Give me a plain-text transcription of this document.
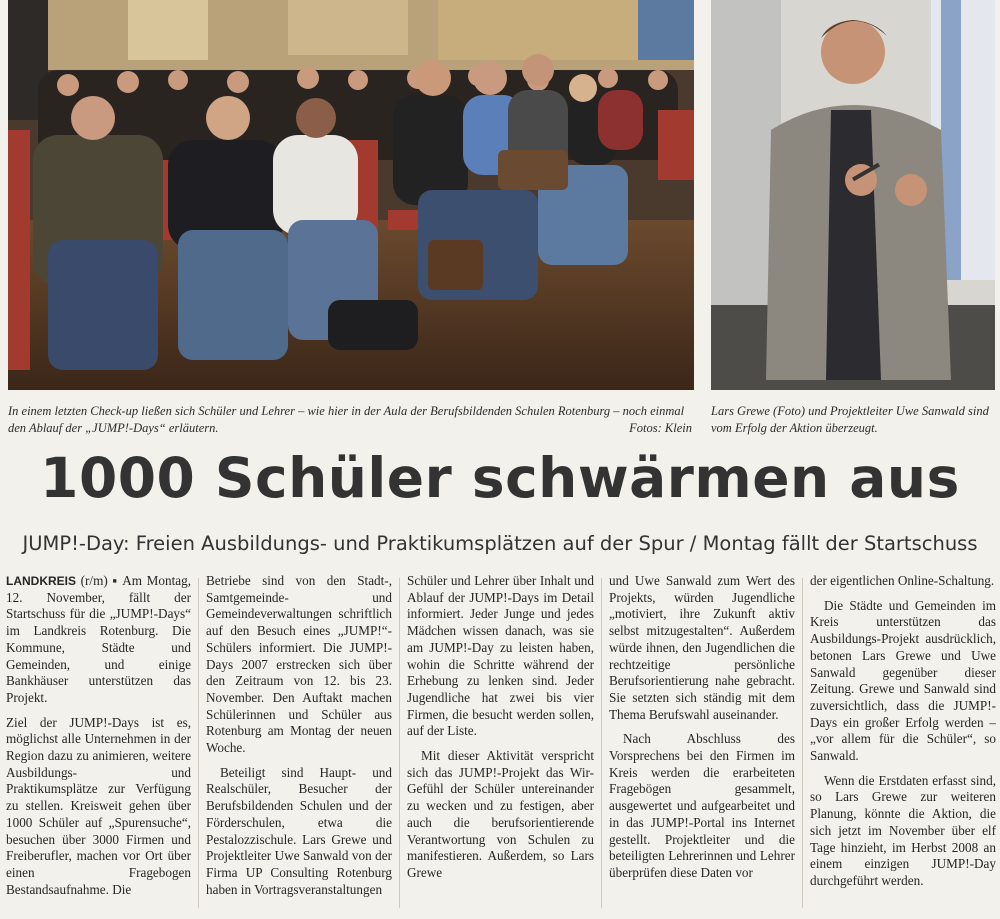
In einem letzten Check-up ließen sich Schüler und Lehrer – wie hier in der Aula der Berufsbildenden Schulen Rotenburg – noch einmal den Ablauf der „JUMP!-Days“ erläutern.	Fotos: Klein
Lars Grewe (Foto) und Projektleiter Uwe Sanwald sind vom Erfolg der Aktion überzeugt.
1000 Schüler schwärmen aus
JUMP!-Day: Freien Ausbildungs- und Praktikumsplätzen auf der Spur / Montag fällt der Startschuss

LANDKREIS (r/m) ▪ Am Montag, 12. November, fällt der Startschuss für die „JUMP!-Days“ im Landkreis Rotenburg. Die Kommune, Städte und Gemeinden, und einige Bankhäuser unterstützen das Projekt.

Ziel der JUMP!-Days ist es, möglichst alle Unternehmen in der Region dazu zu animieren, weitere Ausbildungs- und Praktikumsplätze zur Verfügung zu stellen. Kreisweit gehen über 1000 Schüler auf „Spurensuche“, besuchen über 3000 Firmen und Freiberufler, machen vor Ort über einen Fragebogen Bestandsaufnahme. Die

Betriebe sind von den Stadt-, Samtgemeinde- und Gemeindeverwaltungen schriftlich auf den Besuch eines „JUMP!“-Schülers informiert. Die JUMP!-Days 2007 erstrecken sich über den Zeitraum von 12. bis 23. November. Den Auftakt machen Schülerinnen und Schüler aus Rotenburg am Montag der neuen Woche.

Beteiligt sind Haupt- und Realschüler, Besucher der Berufsbildenden Schulen und der Förderschulen, etwa die Pestalozzischule. Lars Grewe und Projektleiter Uwe Sanwald von der Firma UP Consulting Rotenburg haben in Vortragsveranstaltungen

Schüler und Lehrer über Inhalt und Ablauf der JUMP!-Days im Detail informiert. Jeder Junge und jedes Mädchen wissen danach, was sie am JUMP!-Day zu leisten haben, wohin die Schritte während der Erhebung zu lenken sind. Jeder Jugendliche hat zwei bis vier Firmen, die besucht werden sollen, auf der Liste.

Mit dieser Aktivität verspricht sich das JUMP!-Projekt das Wir-Gefühl der Schüler untereinander zu wecken und zu festigen, aber auch die berufsorientierende Verantwortung von Schulen zu manifestieren. Außerdem, so Lars Grewe

und Uwe Sanwald zum Wert des Projekts, würden Jugendliche „motiviert, ihre Zukunft aktiv selbst mitzugestalten“. Außerdem würde ihnen, den Jugendlichen die rechtzeitige persönliche Berufsorientierung nahe gebracht. Sie setzten sich ständig mit dem Thema Berufswahl auseinander.

Nach Abschluss des Vorsprechens bei den Firmen im Kreis werden die erarbeiteten Fragebögen gesammelt, ausgewertet und aufgearbeitet und in das JUMP!-Portal ins Internet gestellt. Projektleiter und die beteiligten Lehrerinnen und Lehrer überprüfen diese Daten vor

der eigentlichen Online-Schaltung.

Die Städte und Gemeinden im Kreis unterstützen das Ausbildungs-Projekt ausdrücklich, betonen Lars Grewe und Uwe Sanwald gegenüber dieser Zeitung. Grewe und Sanwald sind zuversichtlich, dass die JUMP!-Days ein großer Erfolg werden – „vor allem für die Schüler“, so Sanwald.

Wenn die Erstdaten erfasst sind, so Lars Grewe zur weiteren Planung, könnte die Aktion, die sich jetzt im November über elf Tage hinzieht, im Herbst 2008 an einem einzigen JUMP!-Day durchgeführt werden.
